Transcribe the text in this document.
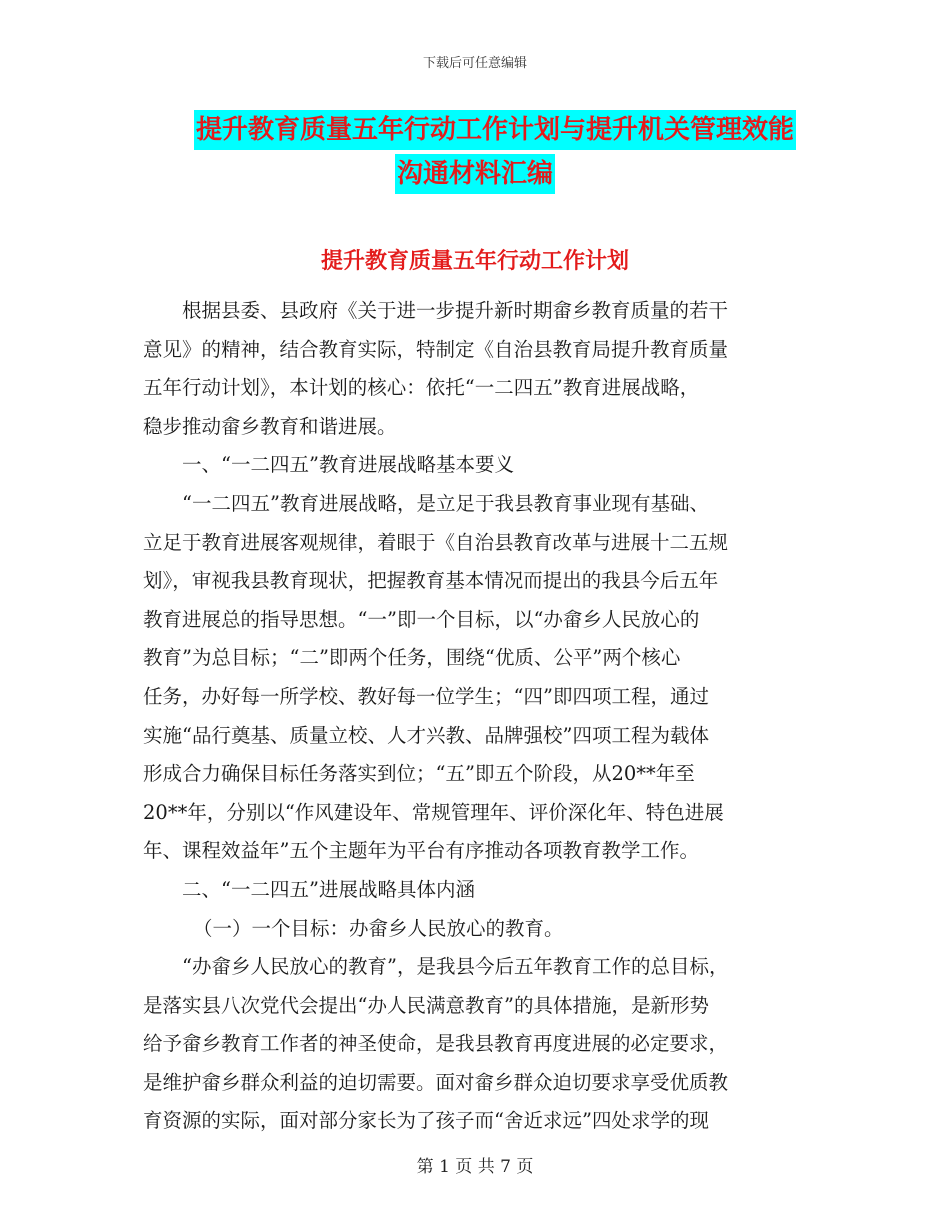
下载后可任意编辑
提升教育质量五年行动工作计划与提升机关管理效能
沟通材料汇编
提升教育质量五年行动工作计划
根据县委、县政府《关于进一步提升新时期畲乡教育质量的若干
意见》的精神，结合教育实际，特制定《自治县教育局提升教育质量
五年行动计划》，本计划的核心：依托“一二四五”教育进展战略，
稳步推动畲乡教育和谐进展。
一、“一二四五”教育进展战略基本要义
“一二四五”教育进展战略，是立足于我县教育事业现有基础、
立足于教育进展客观规律，着眼于《自治县教育改革与进展十二五规
划》，审视我县教育现状，把握教育基本情况而提出的我县今后五年
教育进展总的指导思想。“一”即一个目标，以“办畲乡人民放心的
教育”为总目标；“二”即两个任务，围绕“优质、公平”两个核心
任务，办好每一所学校、教好每一位学生；“四”即四项工程，通过
实施“品行奠基、质量立校、人才兴教、品牌强校”四项工程为载体
形成合力确保目标任务落实到位；“五”即五个阶段，从20**年至
20**年，分别以“作风建设年、常规管理年、评价深化年、特色进展
年、课程效益年”五个主题年为平台有序推动各项教育教学工作。
二、“一二四五”进展战略具体内涵
（一）一个目标：办畲乡人民放心的教育。
“办畲乡人民放心的教育”，是我县今后五年教育工作的总目标，
是落实县八次党代会提出“办人民满意教育”的具体措施，是新形势
给予畲乡教育工作者的神圣使命，是我县教育再度进展的必定要求，
是维护畲乡群众利益的迫切需要。面对畲乡群众迫切要求享受优质教
育资源的实际，面对部分家长为了孩子而“舍近求远”四处求学的现
第 1 页 共 7 页
